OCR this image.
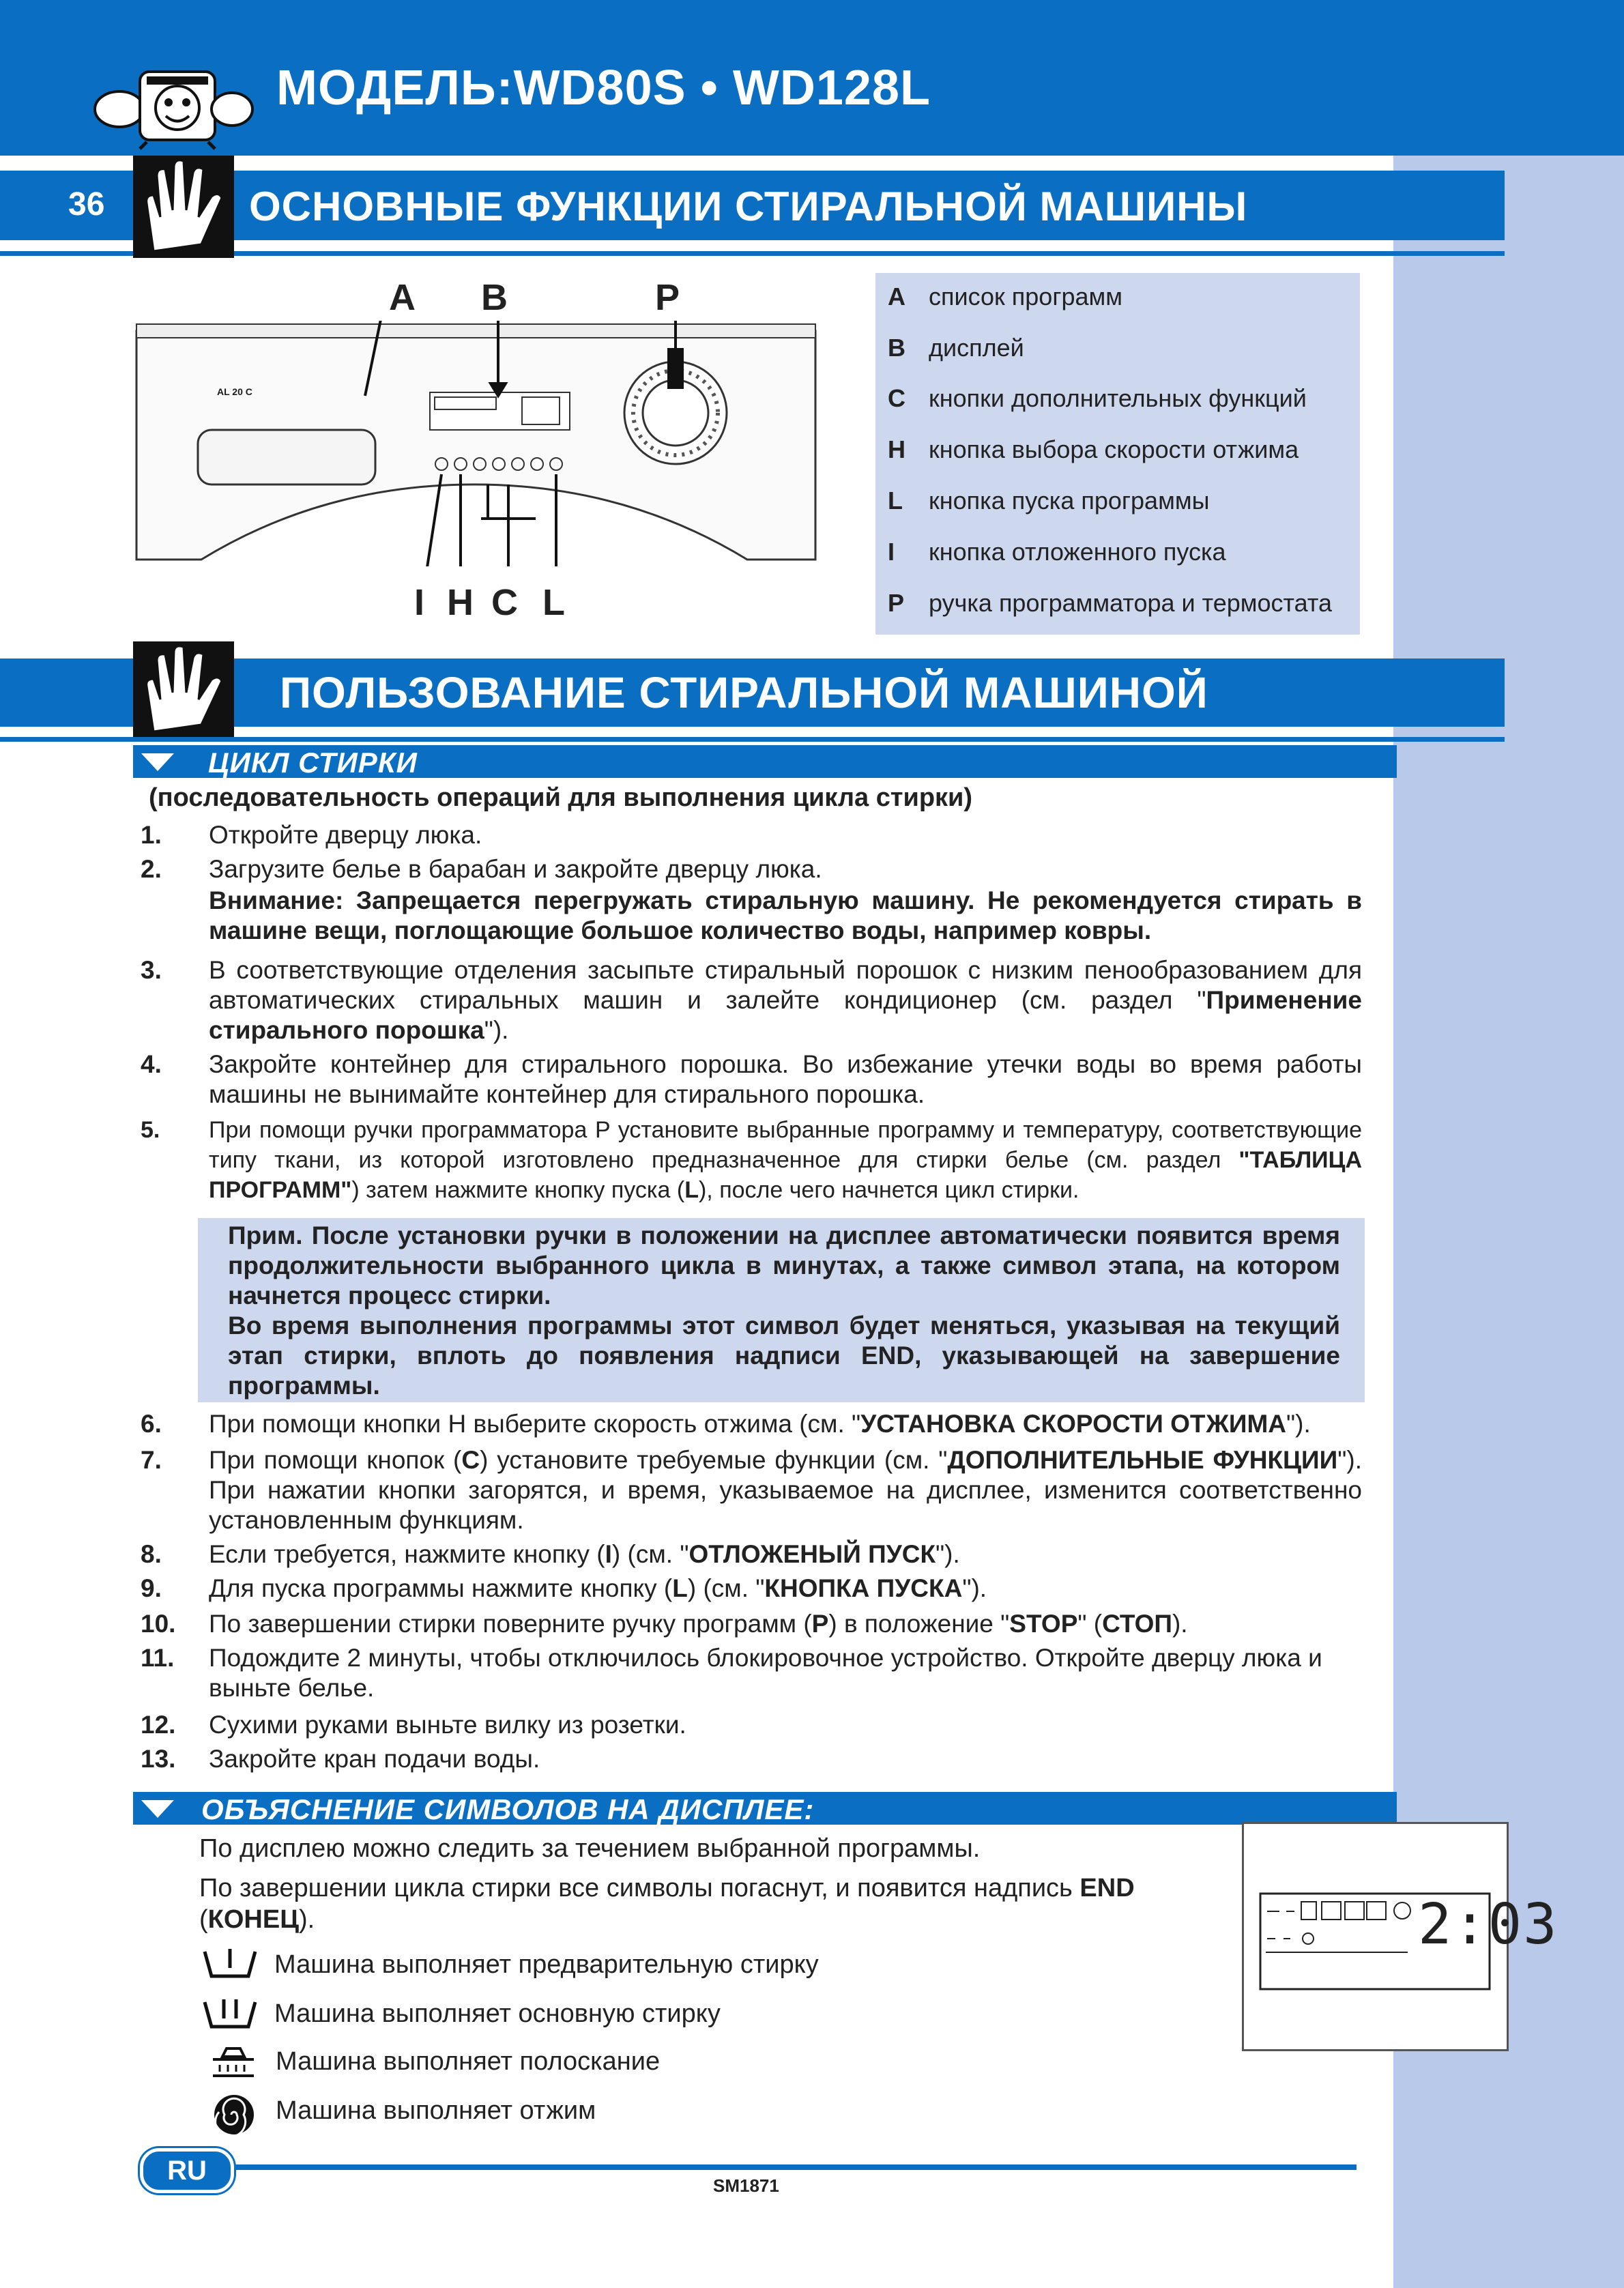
МОДЕЛЬ:WD80S • WD128L
36	ОСНОВНЫЕ ФУНКЦИИ СТИРАЛЬНОЙ МАШИНЫ
AL 20 C
A B	P
I H C L
A список программ
B дисплей
C кнопки дополнительных функций
H кнопка выбора скорости отжима
L кнопка пуска программы
I кнопка отложенного пуска
P ручка программатора и термостата
ПОЛЬЗОВАНИЕ СТИРАЛЬНОЙ МАШИНОЙ
ЦИКЛ СТИРКИ
(последовательность операций для выполнения цикла стирки)
1. Откройте дверцу люка.
2. Загрузите белье в барабан и закройте дверцу люка.
Внимание: Запрещается перегружать стиральную машину. Не рекомендуется стирать в машине вещи, поглощающие большое количество воды, например ковры.
3. В соответствующие отделения засыпьте стиральный порошок с низким пенообразованием для автоматических стиральных машин и залейте кондиционер (см. раздел "Применение стирального порошка").
4. Закройте контейнер для стирального порошка. Во избежание утечки воды во время работы машины не вынимайте контейнер для стирального порошка.
5. При помощи ручки программатора P установите выбранные программу и температуру, соответствующие типу ткани, из которой изготовлено предназначенное для стирки белье (см. раздел "ТАБЛИЦА ПРОГРАММ") затем нажмите кнопку пуска (L), после чего начнется цикл стирки.
Прим. После установки ручки в положении на дисплее автоматически появится время продолжительности выбранного цикла в минутах, а также символ этапа, на котором начнется процесс стирки.
Во время выполнения программы этот символ будет меняться, указывая на текущий этап стирки, вплоть до появления надписи END, указывающей на завершение программы.
6. При помощи кнопки H выберите скорость отжима (см. "УСТАНОВКА СКОРОСТИ ОТЖИМА").
7. При помощи кнопок (C) установите требуемые функции (см. "ДОПОЛНИТЕЛЬНЫЕ ФУНКЦИИ"). При нажатии кнопки загорятся, и время, указываемое на дисплее, изменится соответственно установленным функциям.
8. Если требуется, нажмите кнопку (I) (см. "ОТЛОЖЕНЫЙ ПУСК").
9. Для пуска программы нажмите кнопку (L) (см. "КНОПКА ПУСКА").
10. По завершении стирки поверните ручку программ (P) в положение "STOP" (СТОП).
11. Подождите 2 минуты, чтобы отключилось блокировочное устройство. Откройте дверцу люка и выньте белье.
12. Сухими руками выньте вилку из розетки.
13. Закройте кран подачи воды.
ОБЪЯСНЕНИЕ СИМВОЛОВ НА ДИСПЛЕЕ:
По дисплею можно следить за течением выбранной программы.
По завершении цикла стирки все символы погаснут, и появится надпись END (КОНЕЦ).
Машина выполняет предварительную стирку
Машина выполняет основную стирку
Машина выполняет полоскание
Машина выполняет отжим
2:03
RU	SM1871
